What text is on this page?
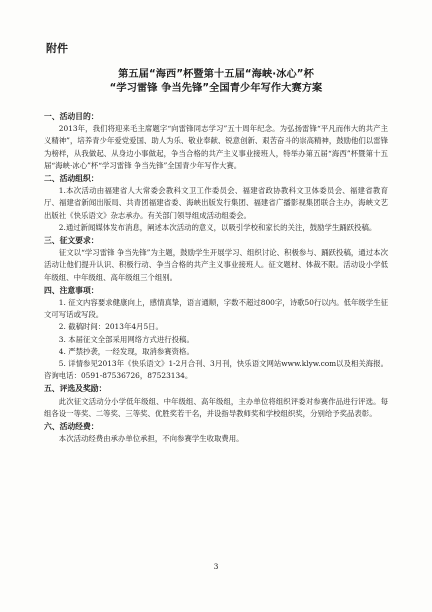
附件

第五届“海西”杯暨第十五届“海峡·冰心”杯

“学习雷锋 争当先锋”全国青少年写作大赛方案

一、活动目的：

2013年，我们将迎来毛主席题字“向雷锋同志学习”五十周年纪念。为弘扬雷锋“平凡而伟大的共产主义精神”，培养青少年爱党爱国、助人为乐、敬业奉献、锐意创新、艰苦奋斗的崇高精神，鼓励他们以雷锋为榜样，从我做起、从身边小事做起，争当合格的共产主义事业接班人，特举办第五届“海西”杯暨第十五届“海峡·冰心”杯“学习雷锋 争当先锋”全国青少年写作大赛。

二、活动组织：

1.本次活动由福建省人大常委会教科文卫工作委员会、福建省政协教科文卫体委员会、福建省教育厅、福建省新闻出版局、共青团福建省委、海峡出版发行集团、福建省广播影视集团联合主办，海峡文艺出版社《快乐语文》杂志承办。有关部门领导组成活动组委会。

2.通过新闻媒体发布消息，阐述本次活动的意义，以吸引学校和家长的关注，鼓励学生踊跃投稿。

三、征文要求：

征文以“学习雷锋 争当先锋”为主题，鼓励学生开展学习、组织讨论、积极参与、踊跃投稿，通过本次活动让他们提升认识、积极行动、争当合格的共产主义事业接班人。征文题材、体裁不限。活动设小学低年级组、中年级组、高年级组三个组别。

四、注意事项：

1. 征文内容要求健康向上，感情真挚，语言通顺，字数不超过800字，诗歌50行以内。低年级学生征文可写话或写段。

2. 截稿时间：2013年4月5日。

3. 本届征文全部采用网络方式进行投稿。

4. 严禁抄袭，一经发现，取消参赛资格。

5. 详情参见2013年《快乐语文》1-2月合刊、3月刊，快乐语文网站www.klyw.com以及相关海报。咨询电话：0591-87536726，87523134。

五、评选及奖励：

此次征文活动分小学低年级组、中年级组、高年级组，主办单位将组织评委对参赛作品进行评选。每组各设一等奖、二等奖、三等奖、优胜奖若干名，并设指导教师奖和学校组织奖，分别给予奖品表彰。

六、活动经费：

本次活动经费由承办单位承担，不向参赛学生收取费用。

3
